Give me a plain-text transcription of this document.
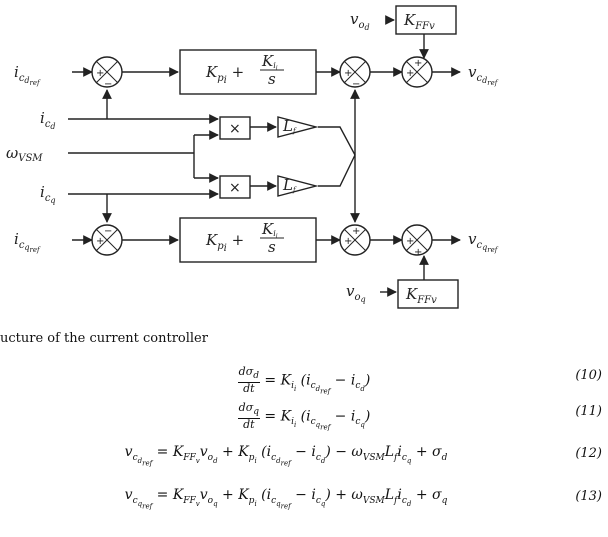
+
−
+
−
+
+
+
−
+
+
+
+
$K_pi$ +
Kii
s
$K_pi$ +
Kii
s
$K_{FFv}$
$K_{FFv}$
×
×
Lf
Lf
$i_cdref$
$i_cd$
$\omega_{VSM}$
$i_cq$
$i_cqref$
$v_od$
$v_oq$
$v_cdref$
$v_cqref$
ucture of the current controller
$\frac{d\sigma_d}{dt} = K_{i_i}$ $(i_{c_{d_{ref}}} - i_{c_d})$	(10)
$\frac{d\sigma_q}{dt} = K_{i_i}$ $(i_{c_{q_{ref}}} - i_{c_q})$	(11)
$v_{c_{d_{ref}}} = K_{FF_v}v_{o_d} + K_{p_i}$ $(i_{c_{d_{ref}}} - i_{c_d}) - \omega_{VSM}L_fi_{c_q} + \sigma_d$	(12)
$v_{c_{q_{ref}}} = K_{FF_v}v_{o_q} + K_{p_i}$ $(i_{c_{q_{ref}}} - i_{c_q}) + \omega_{VSM}L_fi_{c_d} + \sigma_q$	(13)
